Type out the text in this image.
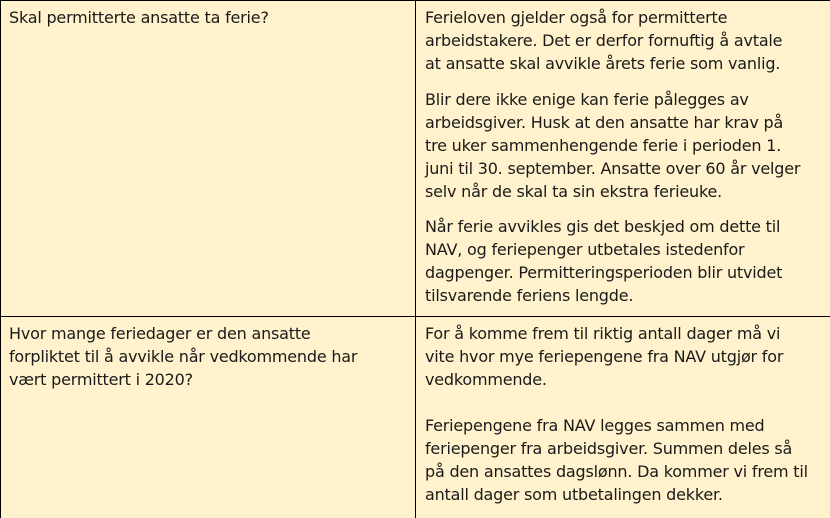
Skal permitterte ansatte ta ferie?	Ferieloven gjelder også for permitterte

arbeidstakere. Det er derfor fornuftig å avtale

at ansatte skal avvikle årets ferie som vanlig.

Blir dere ikke enige kan ferie pålegges av

arbeidsgiver. Husk at den ansatte har krav på

tre uker sammenhengende ferie i perioden 1.

juni til 30. september. Ansatte over 60 år velger

selv når de skal ta sin ekstra ferieuke.

Når ferie avvikles gis det beskjed om dette til

NAV, og feriepenger utbetales istedenfor

dagpenger. Permitteringsperioden blir utvidet

tilsvarende feriens lengde.

Hvor mange feriedager er den ansatte

forpliktet til å avvikle når vedkommende har

vært permittert i 2020?

For å komme frem til riktig antall dager må vi

vite hvor mye feriepengene fra NAV utgjør for

vedkommende.

Feriepengene fra NAV legges sammen med

feriepenger fra arbeidsgiver. Summen deles så

på den ansattes dagslønn. Da kommer vi frem til

antall dager som utbetalingen dekker.
